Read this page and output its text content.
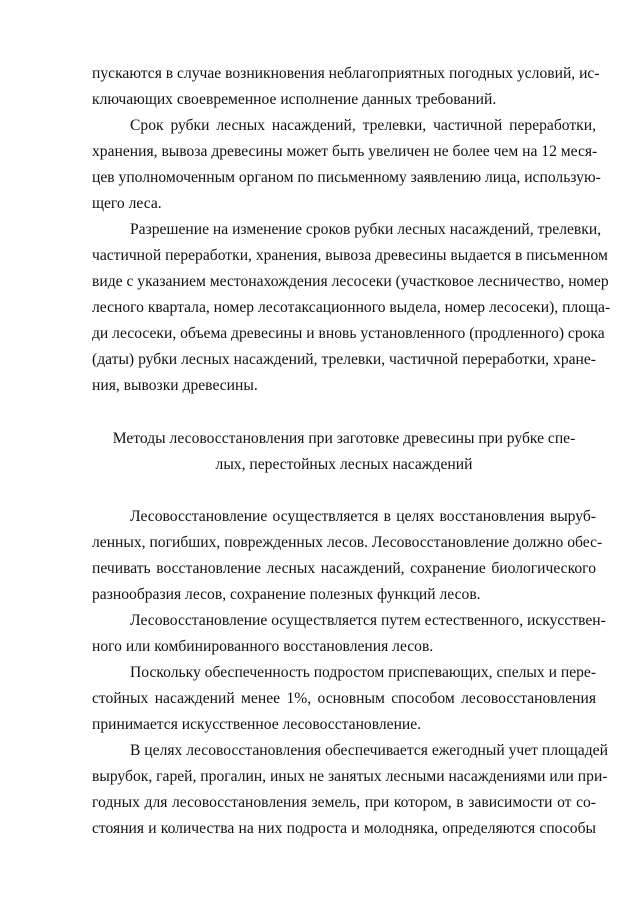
пускаются в случае возникновения неблагоприятных погодных условий, ис-
ключающих своевременное исполнение данных требований.
Срок рубки лесных насаждений, трелевки, частичной переработки,
хранения, вывоза древесины может быть увеличен не более чем на 12 меся-
цев уполномоченным органом по письменному заявлению лица, использую-
щего леса.
Разрешение на изменение сроков рубки лесных насаждений, трелевки,
частичной переработки, хранения, вывоза древесины выдается в письменном
виде с указанием местонахождения лесосеки (участковое лесничество, номер
лесного квартала, номер лесотаксационного выдела, номер лесосеки), площа-
ди лесосеки, объема древесины и вновь установленного (продленного) срока
(даты) рубки лесных насаждений, трелевки, частичной переработки, хране-
ния, вывозки древесины.
Методы лесовосстановления при заготовке древесины при рубке спе-
лых, перестойных лесных насаждений
Лесовосстановление осуществляется в целях восстановления выруб-
ленных, погибших, поврежденных лесов. Лесовосстановление должно обес-
печивать восстановление лесных насаждений, сохранение биологического
разнообразия лесов, сохранение полезных функций лесов.
Лесовосстановление осуществляется путем естественного, искусствен-
ного или комбинированного восстановления лесов.
Поскольку обеспеченность подростом приспевающих, спелых и пере-
стойных насаждений менее 1%, основным способом лесовосстановления
принимается искусственное лесовосстановление.
В целях лесовосстановления обеспечивается ежегодный учет площадей
вырубок, гарей, прогалин, иных не занятых лесными насаждениями или при-
годных для лесовосстановления земель, при котором, в зависимости от со-
стояния и количества на них подроста и молодняка, определяются способы
